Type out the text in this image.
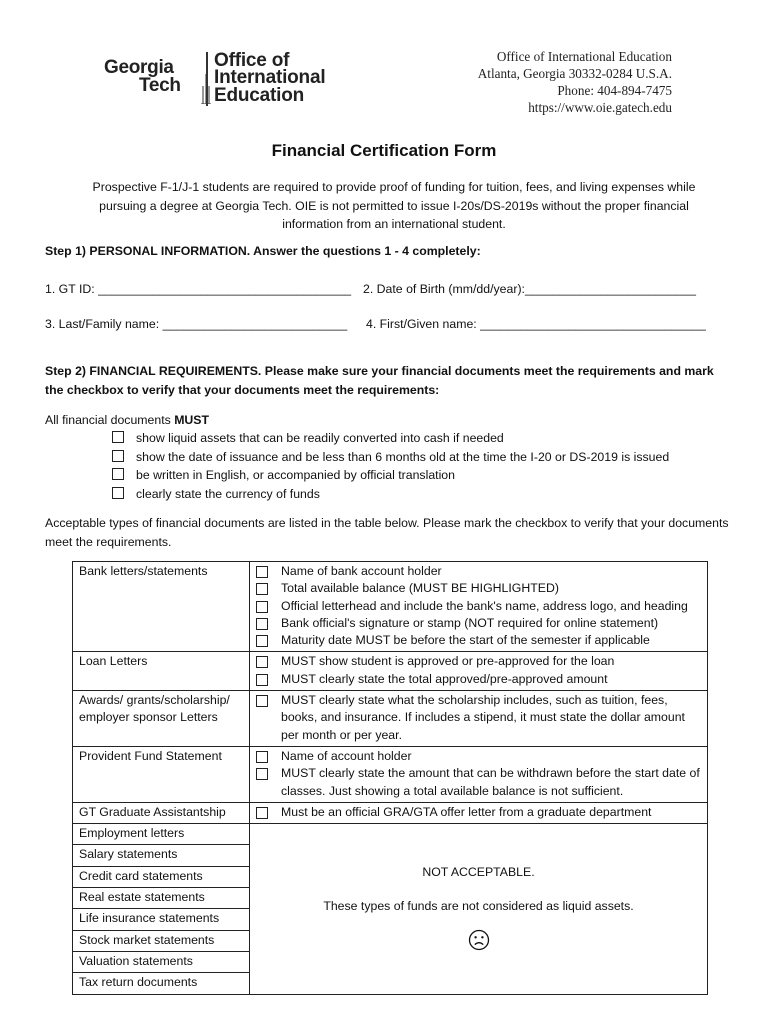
Georgia
Tech
Office of
International
Education
Office of International Education
Atlanta, Georgia 30332-0284 U.S.A.
Phone: 404-894-7475
https://www.oie.gatech.edu
Financial Certification Form
Prospective F-1/J-1 students are required to provide proof of funding for tuition, fees, and living expenses while pursuing a degree at Georgia Tech. OIE is not permitted to issue I-20s/DS-2019s without the proper financial information from an international student.
Step 1) PERSONAL INFORMATION. Answer the questions 1 - 4 completely:
1. GT ID: _____________________________________ 2. Date of Birth (mm/dd/year):_________________________
3. Last/Family name: ___________________________ 4. First/Given name: _________________________________
Step 2) FINANCIAL REQUIREMENTS. Please make sure your financial documents meet the requirements and mark the checkbox to verify that your documents meet the requirements:
All financial documents MUST
show liquid assets that can be readily converted into cash if needed
show the date of issuance and be less than 6 months old at the time the I-20 or DS-2019 is issued
be written in English, or accompanied by official translation
clearly state the currency of funds
Acceptable types of financial documents are listed in the table below. Please mark the checkbox to verify that your documents meet the requirements.
Bank letters/statements	Name of bank account holder
Total available balance (MUST BE HIGHLIGHTED)
Official letterhead and include the bank's name, address logo, and heading
Bank official's signature or stamp (NOT required for online statement)
Maturity date MUST be before the start of the semester if applicable

Loan Letters	MUST show student is approved or pre-approved for the loan
MUST clearly state the total approved/pre-approved amount

Awards/ grants/scholarship/ employer sponsor Letters	MUST clearly state what the scholarship includes, such as tuition, fees, books, and insurance. If includes a stipend, it must state the dollar amount per month or per year.

Provident Fund Statement	Name of account holder
MUST clearly state the amount that can be withdrawn before the start date of classes. Just showing a total available balance is not sufficient.

GT Graduate Assistantship	Must be an official GRA/GTA offer letter from a graduate department

Employment letters	NOT ACCEPTABLE.
These types of funds are not considered as liquid assets.

Salary statements	
Credit card statements	
Real estate statements	
Life insurance statements	
Stock market statements	
Valuation statements	
Tax return documents	
